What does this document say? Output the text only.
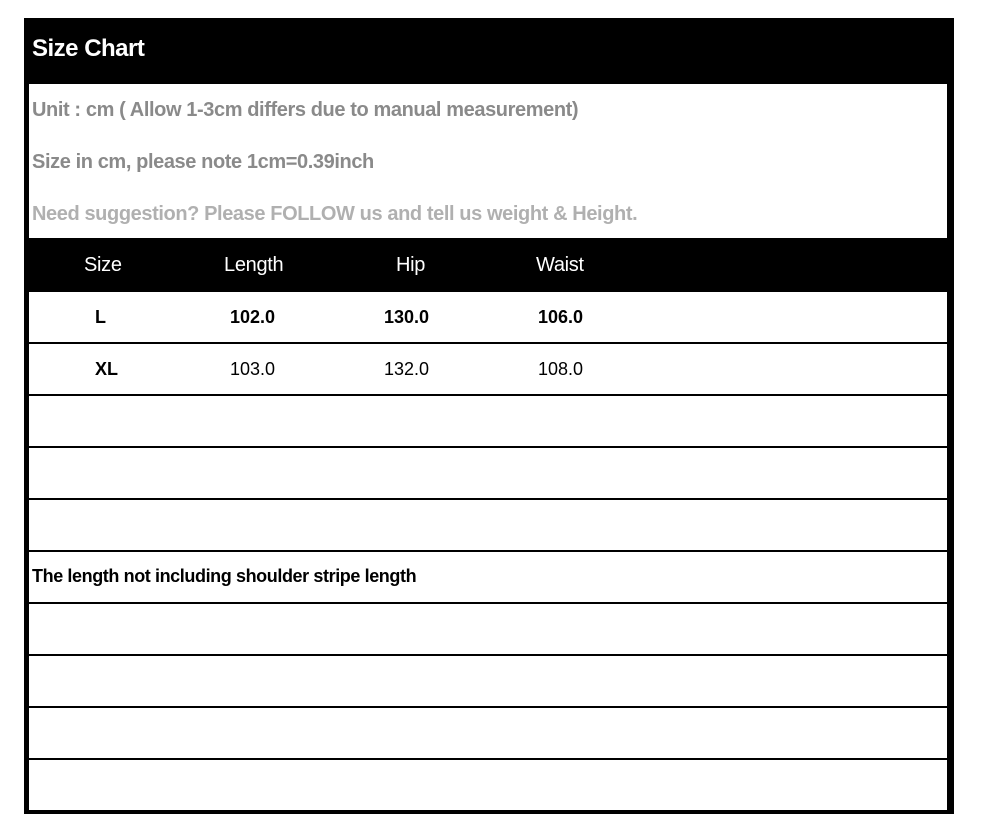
Size Chart
Unit : cm ( Allow 1-3cm differs due to manual measurement)
Size in cm, please note 1cm=0.39inch
Need suggestion? Please FOLLOW us and tell us weight & Height.
Size	Length	Hip	Waist
L	102.0	130.0	106.0
XL	103.0	132.0	108.0
The length not including shoulder stripe length
